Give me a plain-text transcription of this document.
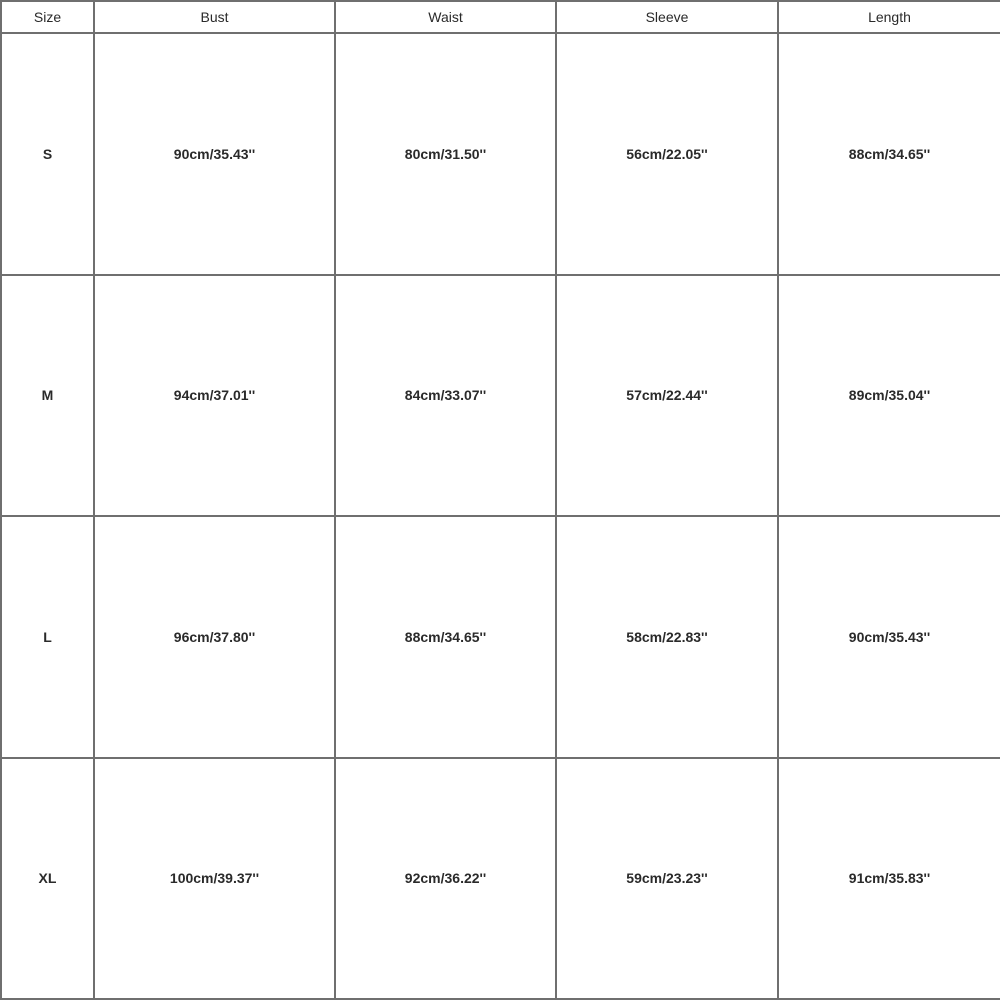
Size	Bust	Waist	Sleeve	Length
S	90cm/35.43''	80cm/31.50''	56cm/22.05''	88cm/34.65''
M	94cm/37.01''	84cm/33.07''	57cm/22.44''	89cm/35.04''
L	96cm/37.80''	88cm/34.65''	58cm/22.83''	90cm/35.43''
XL	100cm/39.37''	92cm/36.22''	59cm/23.23''	91cm/35.83''
